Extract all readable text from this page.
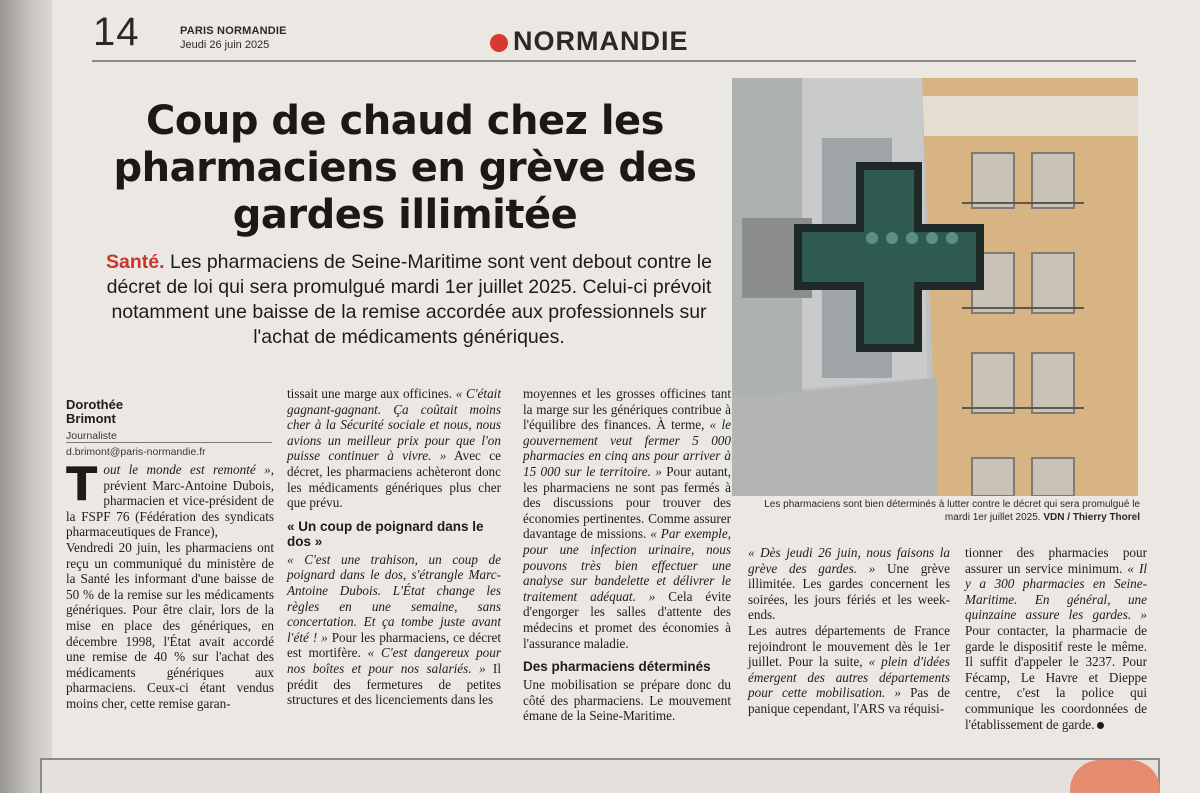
14	PARIS NORMANDIE
Jeudi 26 juin 2025	NORMANDIE
Coup de chaud chez les pharmaciens en grève des gardes illimitée

Santé. Les pharmaciens de Seine-Maritime sont vent debout contre le décret de loi qui sera promulgué mardi 1er juillet 2025. Celui-ci prévoit notamment une baisse de la remise accordée aux professionnels sur l'achat de médicaments génériques.

Les pharmaciens sont bien déterminés à lutter contre le décret qui sera promulgué le mardi 1er juillet 2025. VDN / Thierry Thorel
Dorothée
Brimont
Journaliste
d.brimont@paris-normandie.fr

Tout le monde est remonté », prévient Marc-Antoine Dubois, pharmacien et vice-président de la FSPF 76 (Fédération des syndicats pharmaceutiques de France),

Vendredi 20 juin, les pharmaciens ont reçu un communiqué du ministère de la Santé les informant d'une baisse de 50 % de la remise sur les médicaments génériques. Pour être clair, lors de la mise en place des génériques, en décembre 1998, l'État avait accordé une remise de 40 % sur l'achat des médicaments génériques aux pharmaciens. Ceux-ci étant vendus moins cher, cette remise garan-

tissait une marge aux officines. « C'était gagnant-gagnant. Ça coûtait moins cher à la Sécurité sociale et nous, nous avions un meilleur prix pour que l'on puisse continuer à vivre. » Avec ce décret, les pharmaciens achèteront donc les médicaments génériques plus cher que prévu.

« Un coup de poignard dans le dos »

« C'est une trahison, un coup de poignard dans le dos, s'étrangle Marc-Antoine Dubois. L'État change les règles en une semaine, sans concertation. Et ça tombe juste avant l'été ! » Pour les pharmaciens, ce décret est mortifère. « C'est dangereux pour nos boîtes et pour nos salariés. » Il prédit des fermetures de petites structures et des licenciements dans les

moyennes et les grosses officines tant la marge sur les génériques contribue à l'équilibre des finances. À terme, « le gouvernement veut fermer 5 000 pharmacies en cinq ans pour arriver à 15 000 sur le territoire. » Pour autant, les pharmaciens ne sont pas fermés à des discussions pour trouver des économies pertinentes. Comme assurer davantage de missions. « Par exemple, pour une infection urinaire, nous pouvons très bien effectuer une analyse sur bandelette et délivrer le traitement adéquat. » Cela évite d'engorger les salles d'attente des médecins et promet des économies à l'assurance maladie.

Des pharmaciens déterminés

Une mobilisation se prépare donc du côté des pharmaciens. Le mouvement émane de la Seine-Maritime.

« Dès jeudi 26 juin, nous faisons la grève des gardes. » Une grève illimitée. Les gardes concernent les soirées, les jours fériés et les week-ends.

Les autres départements de France rejoindront le mouvement dès le 1er juillet. Pour la suite, « plein d'idées émergent des autres départements pour cette mobilisation. » Pas de panique cependant, l'ARS va réquisi-

tionner des pharmacies pour assurer un service minimum. « Il y a 300 pharmacies en Seine-Maritime. En général, une quinzaine assure les gardes. » Pour contacter, la pharmacie de garde le dispositif reste le même. Il suffit d'appeler le 3237. Pour Fécamp, Le Havre et Dieppe centre, c'est la police qui communique les coordonnées de l'établissement de garde.
